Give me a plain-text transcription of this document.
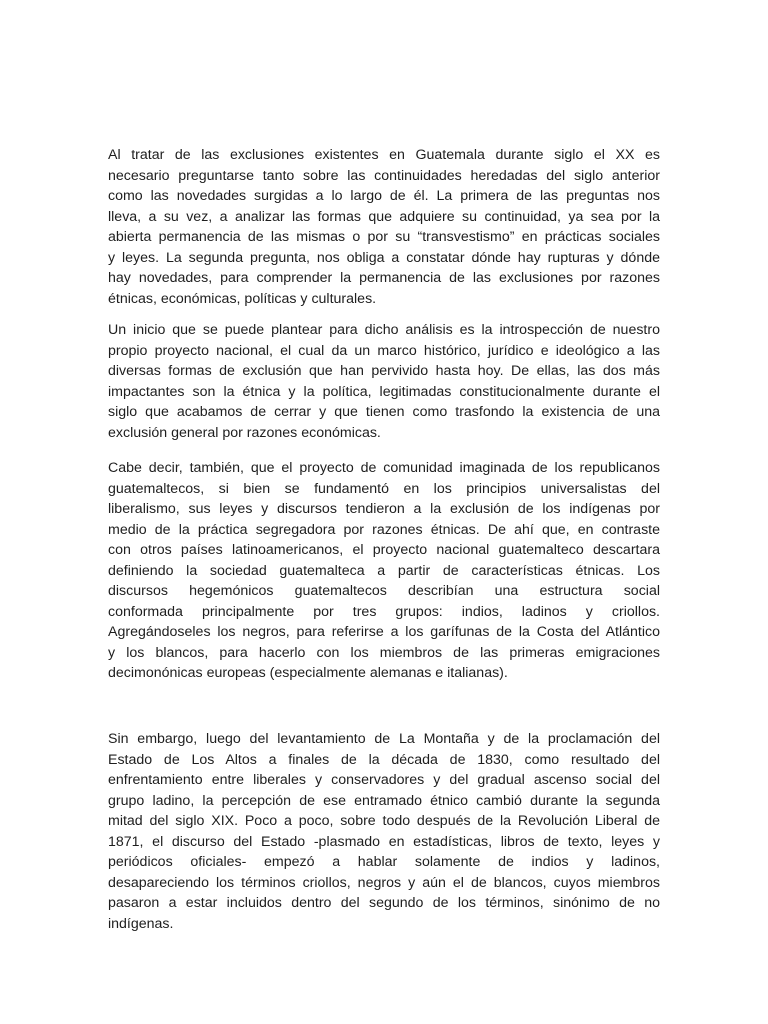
Al tratar de las exclusiones existentes en Guatemala durante siglo el XX es
necesario preguntarse tanto sobre las continuidades heredadas del siglo anterior
como las novedades surgidas a lo largo de él. La primera de las preguntas nos
lleva, a su vez, a analizar las formas que adquiere su continuidad, ya sea por la
abierta permanencia de las mismas o por su “transvestismo” en prácticas sociales
y leyes. La segunda pregunta, nos obliga a constatar dónde hay rupturas y dónde
hay novedades, para comprender la permanencia de las exclusiones por razones
étnicas, económicas, políticas y culturales.
Un inicio que se puede plantear para dicho análisis es la introspección de nuestro
propio proyecto nacional, el cual da un marco histórico, jurídico e ideológico a las
diversas formas de exclusión que han pervivido hasta hoy. De ellas, las dos más
impactantes son la étnica y la política, legitimadas constitucionalmente durante el
siglo que acabamos de cerrar y que tienen como trasfondo la existencia de una
exclusión general por razones económicas.
Cabe decir, también, que el proyecto de comunidad imaginada de los republicanos
guatemaltecos, si bien se fundamentó en los principios universalistas del
liberalismo, sus leyes y discursos tendieron a la exclusión de los indígenas por
medio de la práctica segregadora por razones étnicas. De ahí que, en contraste
con otros países latinoamericanos, el proyecto nacional guatemalteco descartara
definiendo la sociedad guatemalteca a partir de características étnicas. Los
discursos hegemónicos guatemaltecos describían una estructura social
conformada principalmente por tres grupos: indios, ladinos y criollos.
Agregándoseles los negros, para referirse a los garífunas de la Costa del Atlántico
y los blancos, para hacerlo con los miembros de las primeras emigraciones
decimonónicas europeas (especialmente alemanas e italianas).
Sin embargo, luego del levantamiento de La Montaña y de la proclamación del
Estado de Los Altos a finales de la década de 1830, como resultado del
enfrentamiento entre liberales y conservadores y del gradual ascenso social del
grupo ladino, la percepción de ese entramado étnico cambió durante la segunda
mitad del siglo XIX. Poco a poco, sobre todo después de la Revolución Liberal de
1871, el discurso del Estado -plasmado en estadísticas, libros de texto, leyes y
periódicos oficiales- empezó a hablar solamente de indios y ladinos,
desapareciendo los términos criollos, negros y aún el de blancos, cuyos miembros
pasaron a estar incluidos dentro del segundo de los términos, sinónimo de no
indígenas.
